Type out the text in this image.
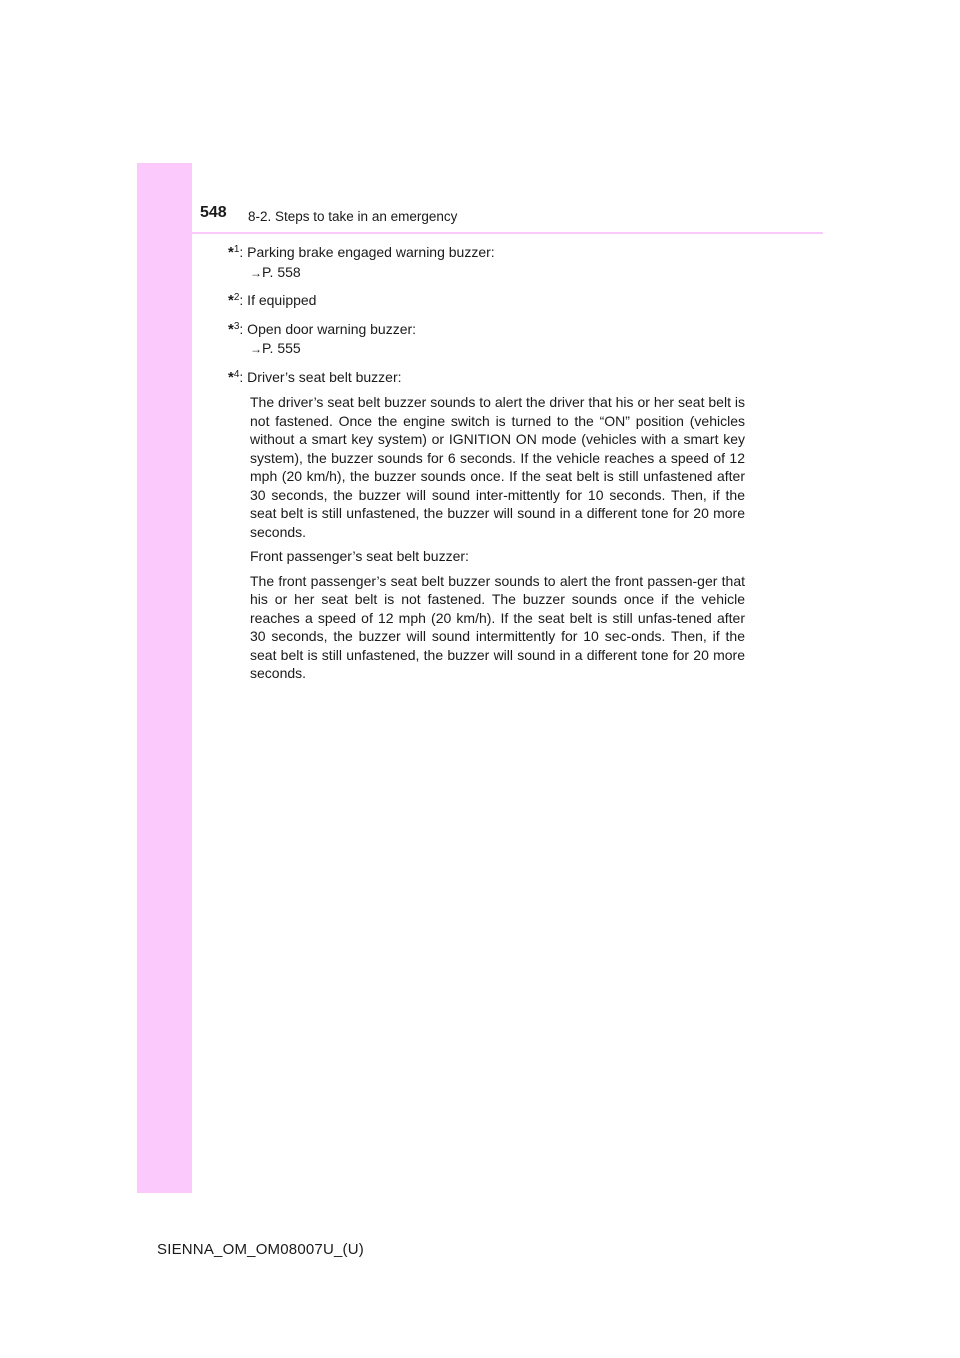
548 8-2. Steps to take in an emergency
*$^1$: Parking brake engaged warning buzzer:
→P. 558
*$^2$: If equipped
*$^3$: Open door warning buzzer:
→P. 555
*$^4$: Driver’s seat belt buzzer:
The driver’s seat belt buzzer sounds to alert the driver that his or her seat belt is not fastened. Once the engine switch is turned to the “ON” position (vehicles without a smart key system) or IGNITION ON mode (vehicles with a smart key system), the buzzer sounds for 6 seconds. If the vehicle reaches a speed of 12 mph (20 km/h), the buzzer sounds once. If the seat belt is still unfastened after 30 seconds, the buzzer will sound inter-mittently for 10 seconds. Then, if the seat belt is still unfastened, the buzzer will sound in a different tone for 20 more seconds.
Front passenger’s seat belt buzzer:
The front passenger’s seat belt buzzer sounds to alert the front passen-ger that his or her seat belt is not fastened. The buzzer sounds once if the vehicle reaches a speed of 12 mph (20 km/h). If the seat belt is still unfas-tened after 30 seconds, the buzzer will sound intermittently for 10 sec-onds. Then, if the seat belt is still unfastened, the buzzer will sound in a different tone for 20 more seconds.
SIENNA_OM_OM08007U_(U)
